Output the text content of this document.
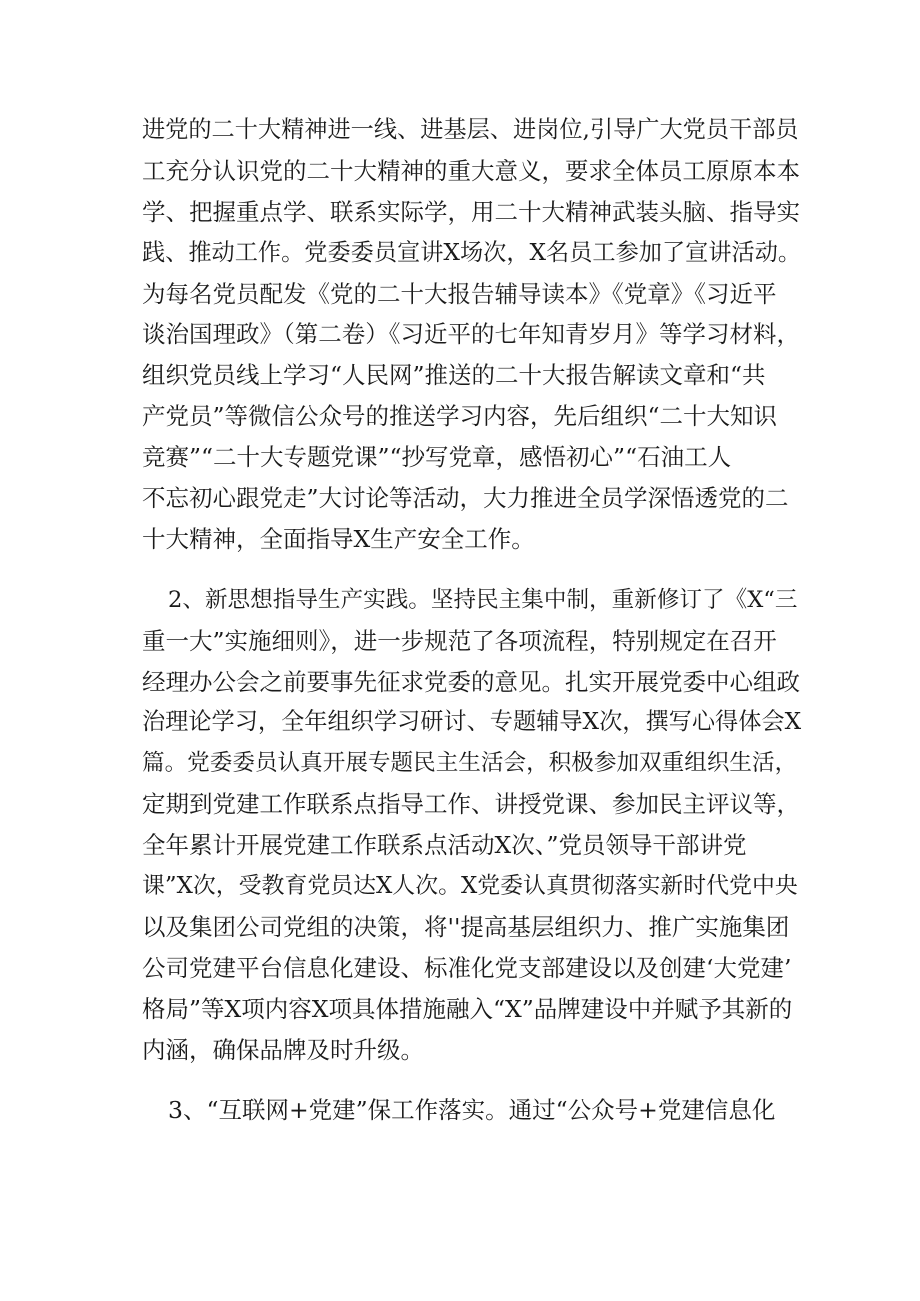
进党的二十大精神进一线、进基层、进岗位,引导广大党员干部员
工充分认识党的二十大精神的重大意义，要求全体员工原原本本
学、把握重点学、联系实际学，用二十大精神武装头脑、指导实
践、推动工作。党委委员宣讲X场次，X名员工参加了宣讲活动。
为每名党员配发《党的二十大报告辅导读本》《党章》《习近平
谈治国理政》（第二卷）《习近平的七年知青岁月》等学习材料，
组织党员线上学习“人民网”推送的二十大报告解读文章和“共
产党员”等微信公众号的推送学习内容，先后组织“二十大知识
竞赛”“二十大专题党课”“抄写党章，感悟初心”“石油工人
不忘初心跟党走”大讨论等活动，大力推进全员学深悟透党的二
十大精神，全面指导X生产安全工作。
2、新思想指导生产实践。坚持民主集中制，重新修订了《X“三
重一大”实施细则》，进一步规范了各项流程，特别规定在召开
经理办公会之前要事先征求党委的意见。扎实开展党委中心组政
治理论学习，全年组织学习研讨、专题辅导X次，撰写心得体会X
篇。党委委员认真开展专题民主生活会，积极参加双重组织生活，
定期到党建工作联系点指导工作、讲授党课、参加民主评议等，
全年累计开展党建工作联系点活动X次、”党员领导干部讲党
课”X次，受教育党员达X人次。X党委认真贯彻落实新时代党中央
以及集团公司党组的决策，将''提高基层组织力、推广实施集团
公司党建平台信息化建设、标准化党支部建设以及创建‘大党建’
格局”等X项内容X项具体措施融入“X”品牌建设中并赋予其新的
内涵，确保品牌及时升级。
3、“互联网+党建”保工作落实。通过“公众号+党建信息化
